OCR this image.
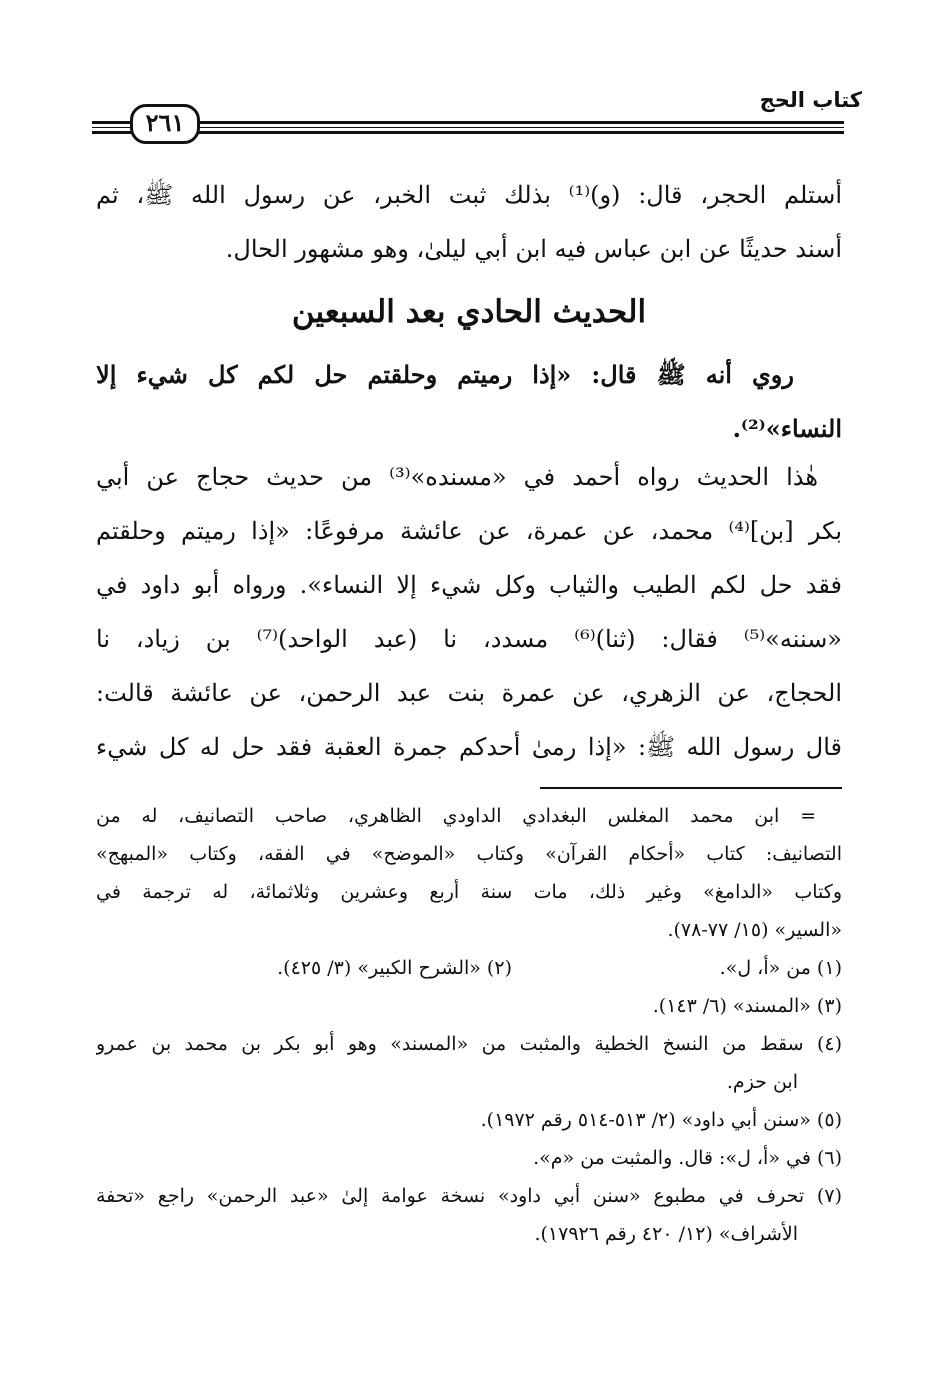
كتاب الحج
٢٦١
أستلم الحجر، قال: (و)⁽¹⁾ بذلك ثبت الخبر، عن رسول الله ﷺ، ثم
أسند حديثًا عن ابن عباس فيه ابن أبي ليلىٰ، وهو مشهور الحال.
الحديث الحادي بعد السبعين
روي أنه ﷺ قال: «إذا رميتم وحلقتم حل لكم كل شيء إلا
النساء»⁽²⁾.
هٰذا الحديث رواه أحمد في «مسنده»⁽³⁾ من حديث حجاج عن أبي
بكر [بن]⁽⁴⁾ محمد، عن عمرة، عن عائشة مرفوعًا: «إذا رميتم وحلقتم
فقد حل لكم الطيب والثياب وكل شيء إلا النساء». ورواه أبو داود في
«سننه»⁽⁵⁾ فقال: (ثنا)⁽⁶⁾ مسدد، نا (عبد الواحد)⁽⁷⁾ بن زياد، نا
الحجاج، عن الزهري، عن عمرة بنت عبد الرحمن، عن عائشة قالت:
قال رسول الله ﷺ: «إذا رمىٰ أحدكم جمرة العقبة فقد حل له كل شيء
= ابن محمد المغلس البغدادي الداودي الظاهري، صاحب التصانيف، له من
التصانيف: كتاب «أحكام القرآن» وكتاب «الموضح» في الفقه، وكتاب «المبهج»
وكتاب «الدامغ» وغير ذلك، مات سنة أربع وعشرين وثلاثمائة، له ترجمة في
«السير» (١٥/ ٧٧-٧٨).
(١) من «أ، ل».
(٢) «الشرح الكبير» (٣/ ٤٢٥).
(٣) «المسند» (٦/ ١٤٣).
(٤) سقط من النسخ الخطية والمثبت من «المسند» وهو أبو بكر بن محمد بن عمرو
ابن حزم.
(٥) «سنن أبي داود» (٢/ ٥١٣-٥١٤ رقم ١٩٧٢).
(٦) في «أ، ل»: قال. والمثبت من «م».
(٧) تحرف في مطبوع «سنن أبي داود» نسخة عوامة إلىٰ «عبد الرحمن» راجع «تحفة
الأشراف» (١٢/ ٤٢٠ رقم ١٧٩٢٦).
